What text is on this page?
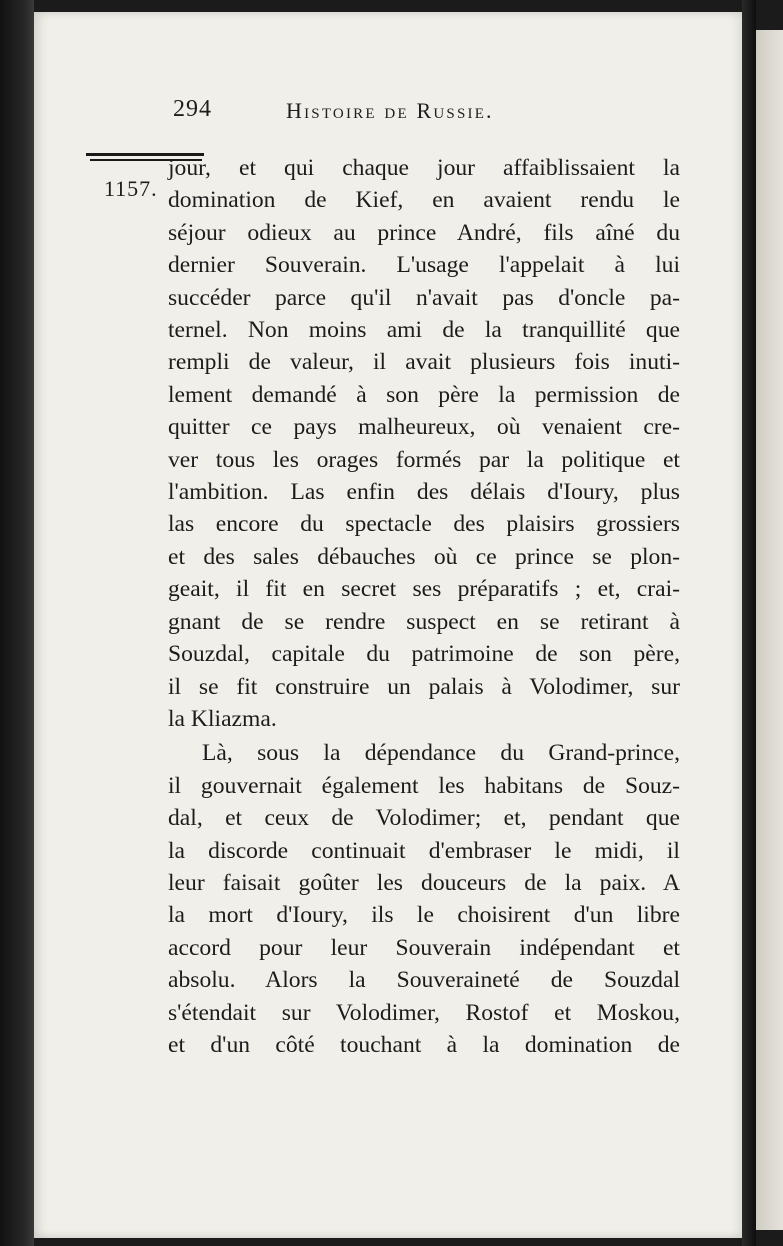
294	Histoire de Russie.
1157.
jour, et qui chaque jour affaiblissaient la
domination de Kief, en avaient rendu le
séjour odieux au prince André, fils aîné du
dernier Souverain. L'usage l'appelait à lui
succéder parce qu'il n'avait pas d'oncle pa-
ternel. Non moins ami de la tranquillité que
rempli de valeur, il avait plusieurs fois inuti-
lement demandé à son père la permission de
quitter ce pays malheureux, où venaient cre-
ver tous les orages formés par la politique et
l'ambition. Las enfin des délais d'Ioury, plus
las encore du spectacle des plaisirs grossiers
et des sales débauches où ce prince se plon-
geait, il fit en secret ses préparatifs ; et, crai-
gnant de se rendre suspect en se retirant à
Souzdal, capitale du patrimoine de son père,
il se fit construire un palais à Volodimer, sur
la Kliazma.
Là, sous la dépendance du Grand-prince,
il gouvernait également les habitans de Souz-
dal, et ceux de Volodimer; et, pendant que
la discorde continuait d'embraser le midi, il
leur faisait goûter les douceurs de la paix. A
la mort d'Ioury, ils le choisirent d'un libre
accord pour leur Souverain indépendant et
absolu. Alors la Souveraineté de Souzdal
s'étendait sur Volodimer, Rostof et Moskou,
et d'un côté touchant à la domination de
